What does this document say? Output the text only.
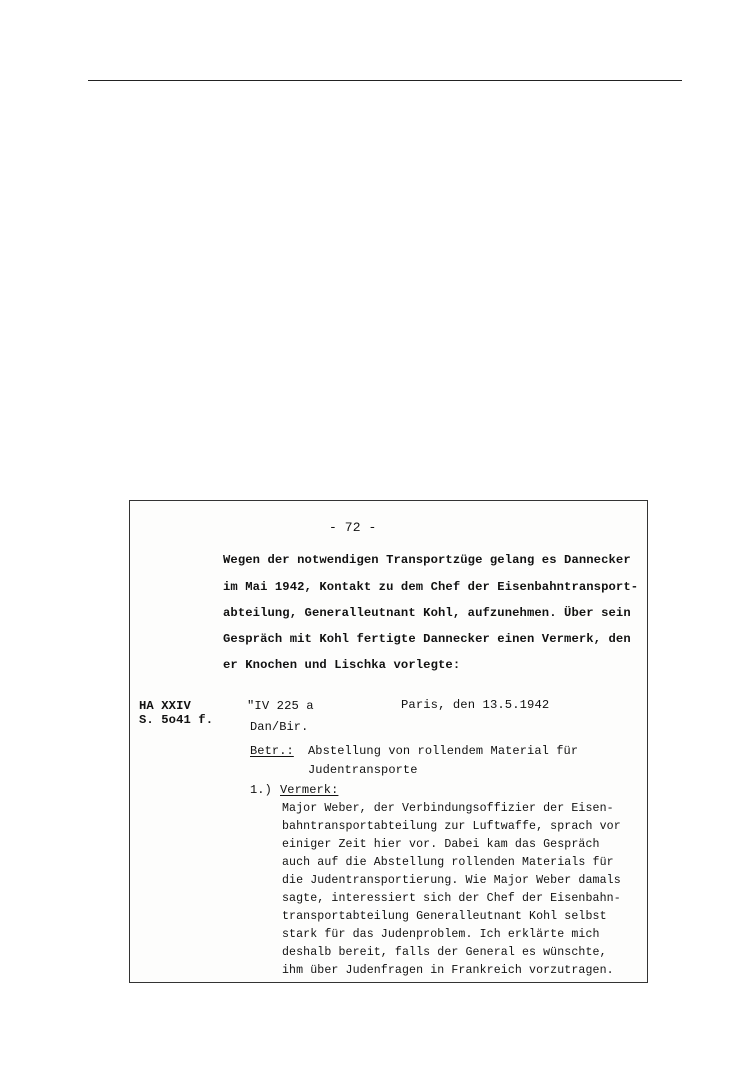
- 72 -
Wegen der notwendigen Transportzüge gelang es Dannecker
im Mai 1942, Kontakt zu dem Chef der Eisenbahntransport-
abteilung, Generalleutnant Kohl, aufzunehmen. Über sein
Gespräch mit Kohl fertigte Dannecker einen Vermerk, den
er Knochen und Lischka vorlegte:
HA XXIV
S. 5o41 f.
"IV 225 a	Paris, den 13.5.1942
Dan/Bir.
Betr.: Abstellung von rollendem Material für
Judentransporte
1.) Vermerk:
Major Weber, der Verbindungsoffizier der Eisen-
bahntransportabteilung zur Luftwaffe, sprach vor
einiger Zeit hier vor. Dabei kam das Gespräch
auch auf die Abstellung rollenden Materials für
die Judentransportierung. Wie Major Weber damals
sagte, interessiert sich der Chef der Eisenbahn-
transportabteilung Generalleutnant Kohl selbst
stark für das Judenproblem. Ich erklärte mich
deshalb bereit, falls der General es wünschte,
ihm über Judenfragen in Frankreich vorzutragen.
